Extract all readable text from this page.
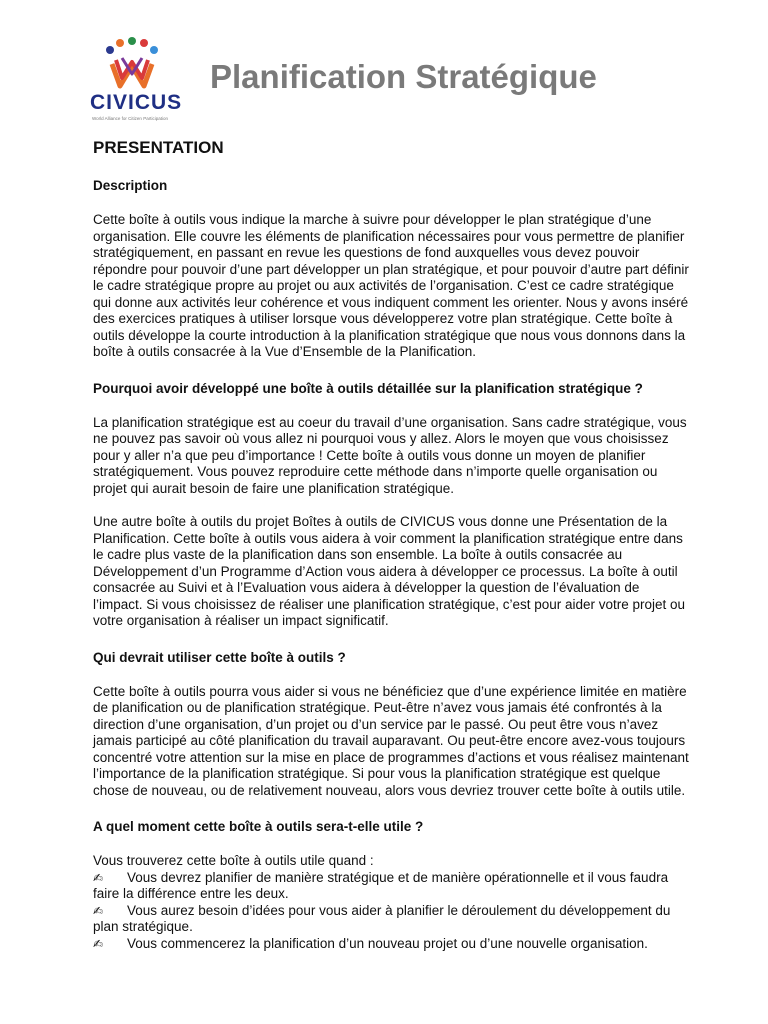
CIVICUS
World Alliance for Citizen Participation
Planification Stratégique
PRESENTATION
Description

Cette boîte à outils vous indique la marche à suivre pour développer le plan stratégique d’une organisation. Elle couvre les éléments de planification nécessaires pour vous permettre de planifier stratégiquement, en passant en revue les questions de fond auxquelles vous devez pouvoir répondre pour pouvoir d’une part développer un plan stratégique, et pour pouvoir d’autre part définir le cadre stratégique propre au projet ou aux activités de l’organisation. C’est ce cadre stratégique qui donne aux activités leur cohérence et vous indiquent comment les orienter. Nous y avons inséré des exercices pratiques à utiliser lorsque vous développerez votre plan stratégique. Cette boîte à outils développe la courte introduction à la planification stratégique que nous vous donnons dans la boîte à outils consacrée à la Vue d’Ensemble de la Planification.

Pourquoi avoir développé une boîte à outils détaillée sur la planification stratégique ?

La planification stratégique est au coeur du travail d’une organisation. Sans cadre stratégique, vous ne pouvez pas savoir où vous allez ni pourquoi vous y allez. Alors le moyen que vous choisissez pour y aller n’a que peu d’importance ! Cette boîte à outils vous donne un moyen de planifier stratégiquement. Vous pouvez reproduire cette méthode dans n’importe quelle organisation ou projet qui aurait besoin de faire une planification stratégique.

Une autre boîte à outils du projet Boîtes à outils de CIVICUS vous donne une Présentation de la Planification. Cette boîte à outils vous aidera à voir comment la planification stratégique entre dans le cadre plus vaste de la planification dans son ensemble. La boîte à outils consacrée au Développement d’un Programme d’Action vous aidera à développer ce processus. La boîte à outil consacrée au Suivi et à l’Evaluation vous aidera à développer la question de l’évaluation de l’impact. Si vous choisissez de réaliser une planification stratégique, c’est pour aider votre projet ou votre organisation à réaliser un impact significatif.

Qui devrait utiliser cette boîte à outils ?

Cette boîte à outils pourra vous aider si vous ne bénéficiez que d’une expérience limitée en matière de planification ou de planification stratégique. Peut-être n’avez vous jamais été confrontés à la direction d’une organisation, d’un projet ou d’un service par le passé. Ou peut être vous n’avez jamais participé au côté planification du travail auparavant. Ou peut-être encore avez-vous toujours concentré votre attention sur la mise en place de programmes d’actions et vous réalisez maintenant l’importance de la planification stratégique. Si pour vous la planification stratégique est quelque chose de nouveau, ou de relativement nouveau, alors vous devriez trouver cette boîte à outils utile.

A quel moment cette boîte à outils sera-t-elle utile ?

Vous trouverez cette boîte à outils utile quand :

✍ Vous devrez planifier de manière stratégique et de manière opérationnelle et il vous faudra faire la différence entre les deux.
✍ Vous aurez besoin d’idées pour vous aider à planifier le déroulement du développement du plan stratégique.
✍ Vous commencerez la planification d’un nouveau projet ou d’une nouvelle organisation.
